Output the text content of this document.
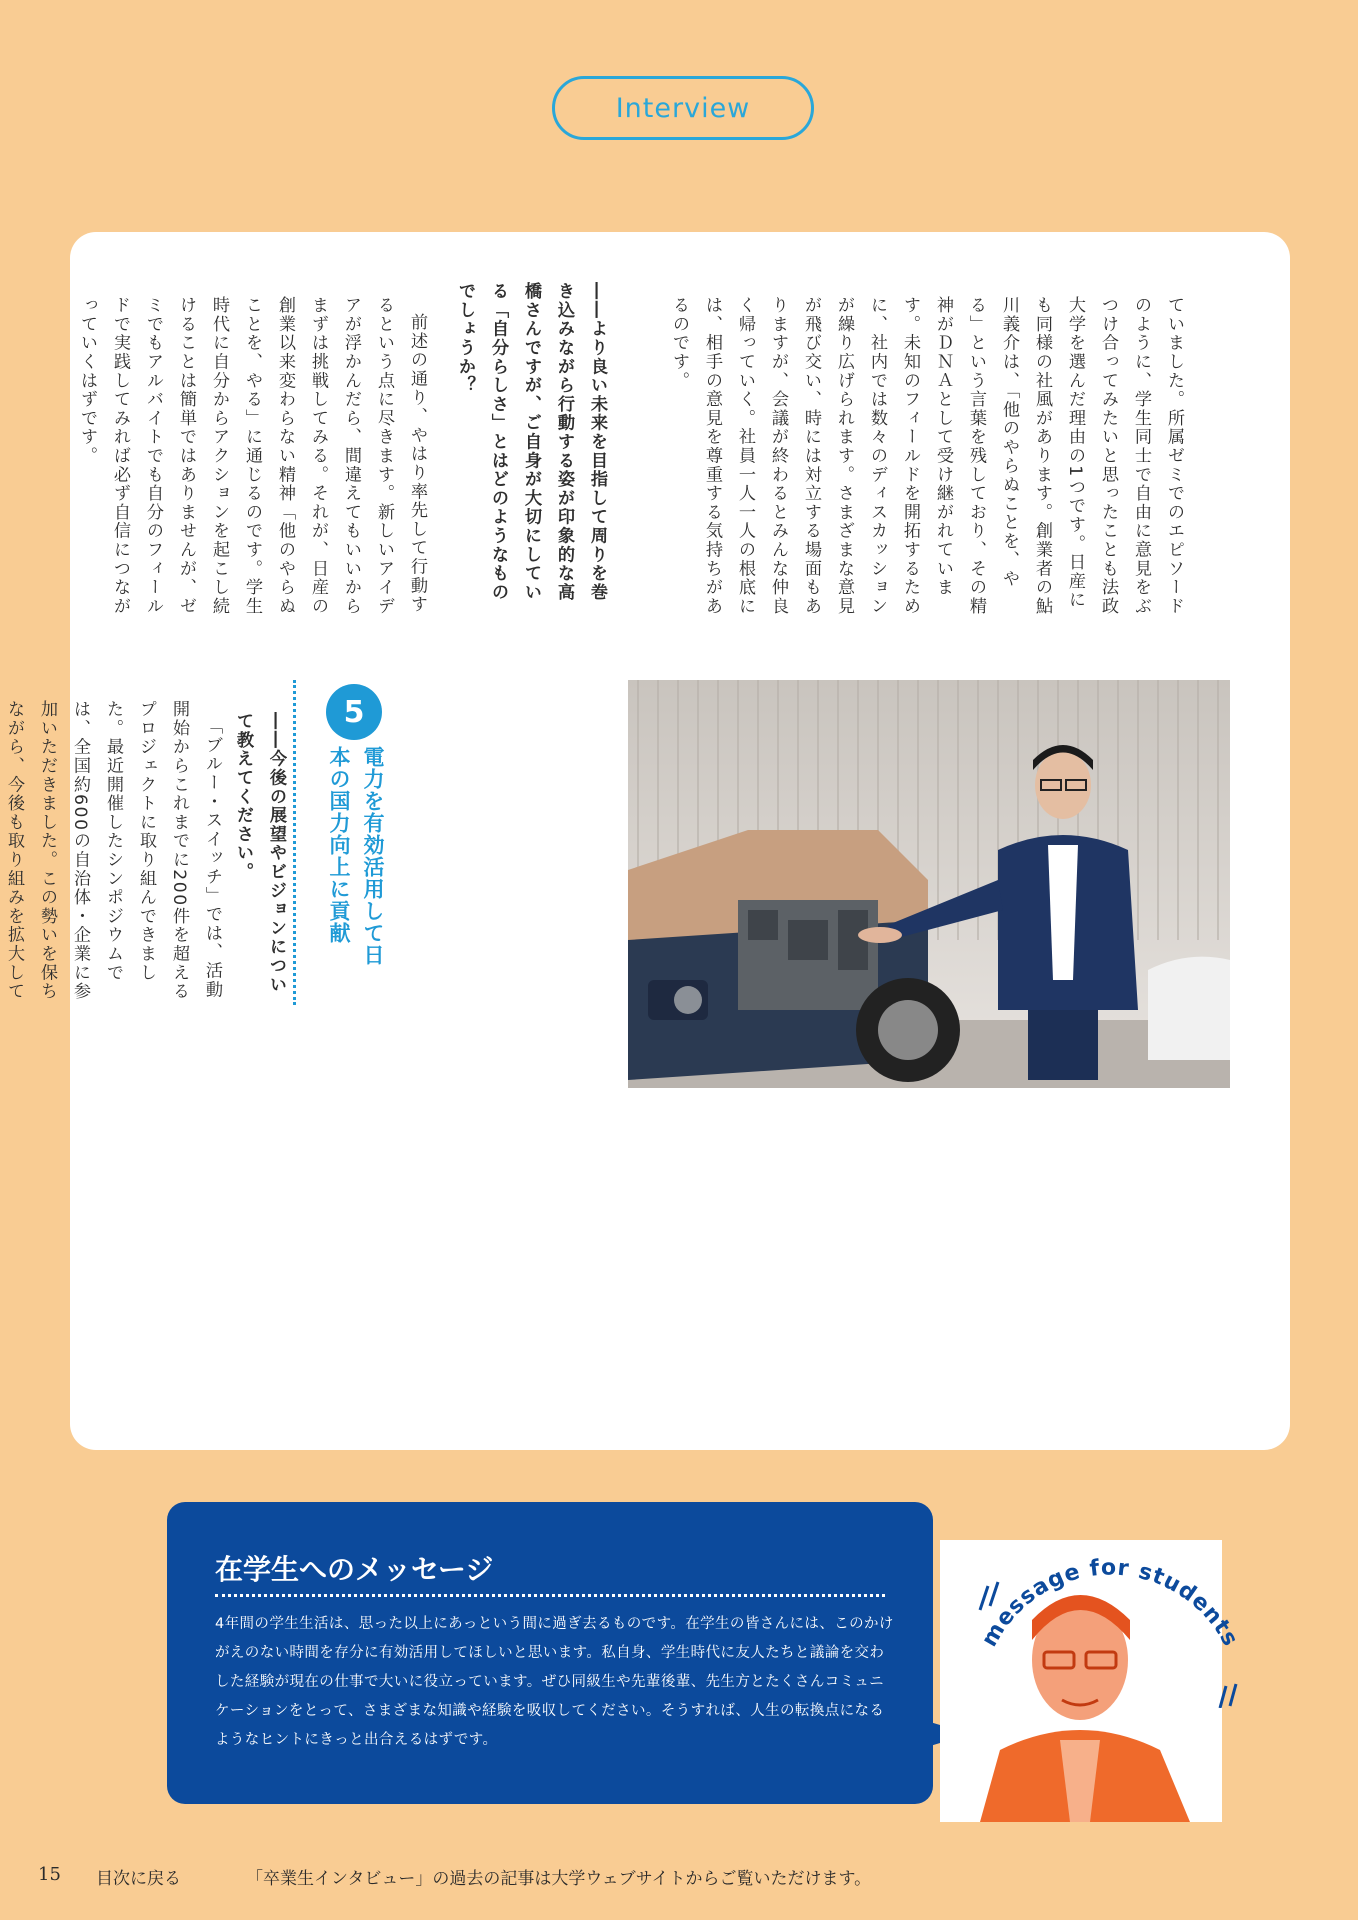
Interview

ていました。所属ゼミでのエピソードのように、学生同士で自由に意見をぶつけ合ってみたいと思ったことも法政大学を選んだ理由の1つです。日産にも同様の社風があります。創業者の鮎川義介は、「他のやらぬことを、やる」という言葉を残しており、その精神がＤＮＡとして受け継がれています。未知のフィールドを開拓するために、社内では数々のディスカッションが繰り広げられます。さまざまな意見が飛び交い、時には対立する場面もありますが、会議が終わるとみんな仲良く帰っていく。社員一人一人の根底には、相手の意見を尊重する気持ちがあるのです。

――より良い未来を目指して周りを巻き込みながら行動する姿が印象的な高橋さんですが、ご自身が大切にしている「自分らしさ」とはどのようなものでしょうか？

前述の通り、やはり率先して行動するという点に尽きます。新しいアイデアが浮かんだら、間違えてもいいからまずは挑戦してみる。それが、日産の創業以来変わらない精神「他のやらぬことを、やる」に通じるのです。学生時代に自分からアクションを起こし続けることは簡単ではありませんが、ゼミでもアルバイトでも自分のフィールドで実践してみれば必ず自信につながっていくはずです。

5
電力を有効活用して日本の国力向上に貢献

――今後の展望やビジョンについて教えてください。

「ブルー・スイッチ」では、活動開始からこれまでに200件を超えるプロジェクトに取り組んできました。最近開催したシンポジウムでは、全国約600の自治体・企業に参加いただきました。この勢いを保ちながら、今後も取り組みを拡大して

在学生へのメッセージ
4年間の学生生活は、思った以上にあっという間に過ぎ去るものです。在学生の皆さんには、このかけがえのない時間を存分に有効活用してほしいと思います。私自身、学生時代に友人たちと議論を交わした経験が現在の仕事で大いに役立っています。ぜひ同級生や先輩後輩、先生方とたくさんコミュニケーションをとって、さまざまな知識や経験を吸収してください。そうすれば、人生の転換点になるようなヒントにきっと出合えるはずです。
message for students
15 目次に戻る	「卒業生インタビュー」の過去の記事は大学ウェブサイトからご覧いただけます。
